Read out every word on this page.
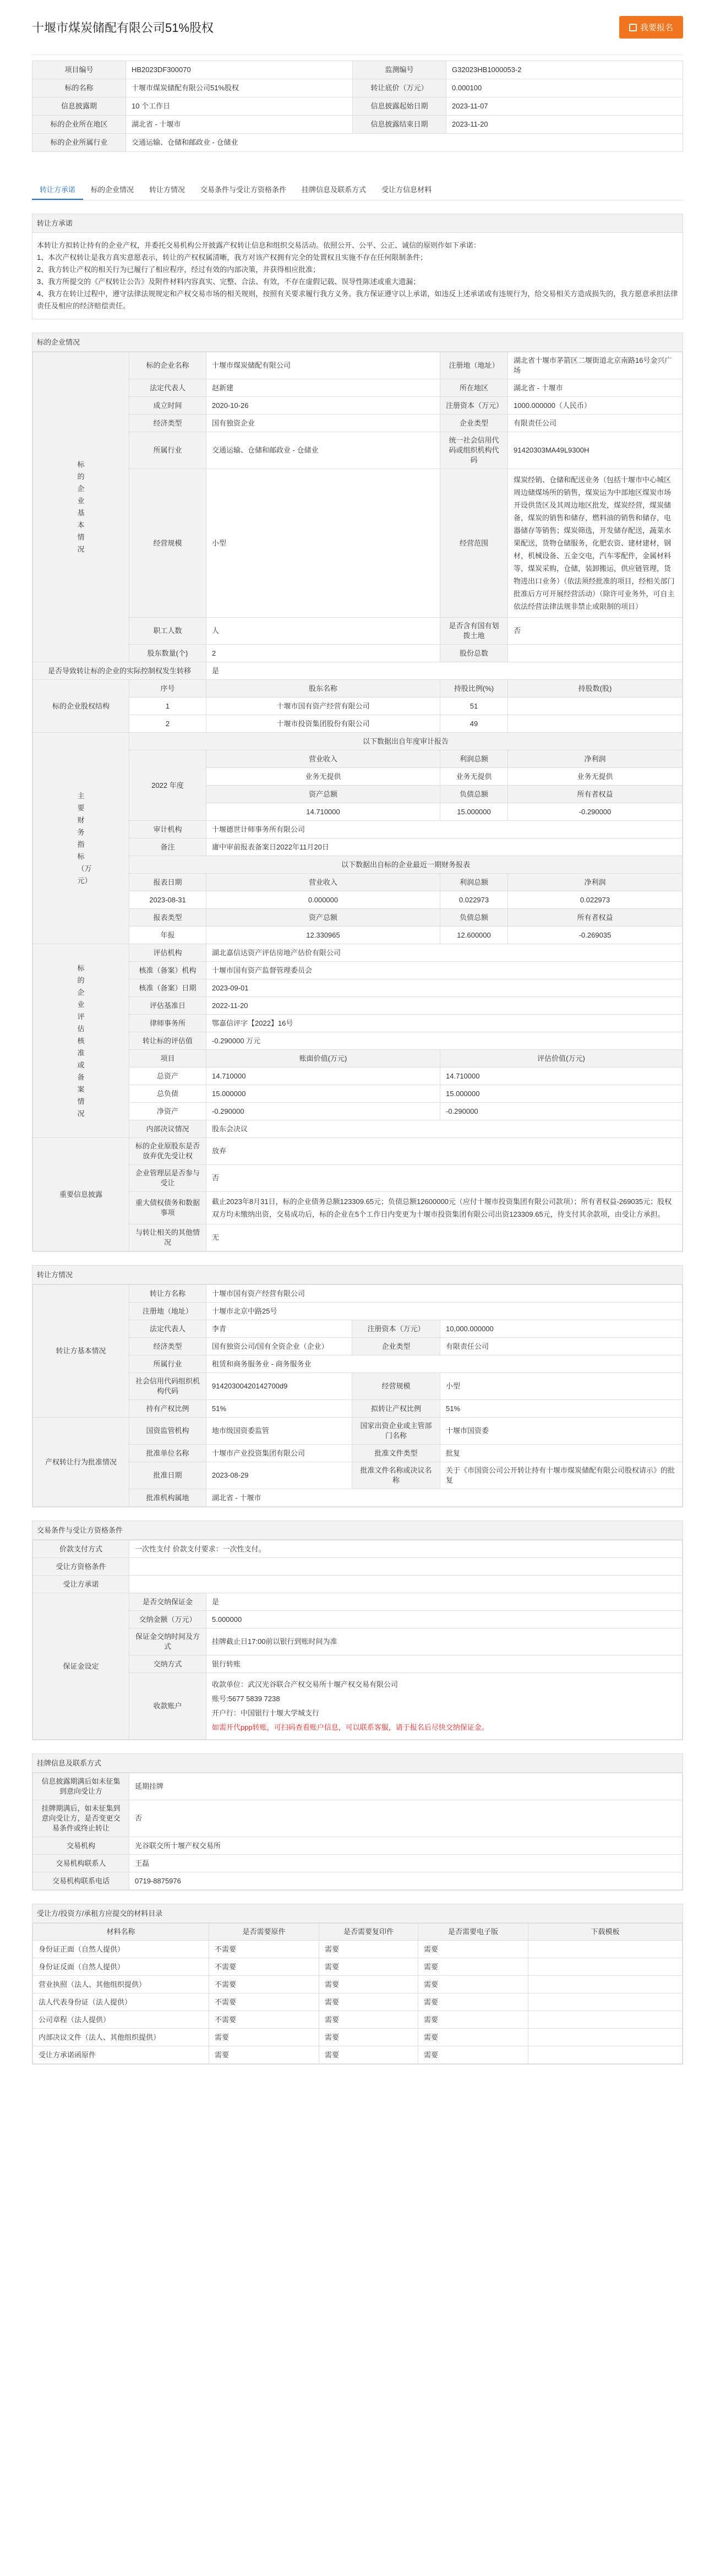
十堰市煤炭储配有限公司51%股权	我要报名
项目编号	HB2023DF300070	监测编号	G32023HB1000053-2
标的名称	十堰市煤炭储配有限公司51%股权	转让底价（万元）	0.000100
信息披露期	10 个工作日	信息披露起始日期	2023-11-07
标的企业所在地区	湖北省 - 十堰市	信息披露结束日期	2023-11-20
标的企业所属行业	交通运输、仓储和邮政业 - 仓储业		
转让方承诺	标的企业情况	转让方情况	交易条件与受让方资格条件	挂牌信息及联系方式	受让方信息材料
转让方承诺
本转让方拟转让持有的企业产权，并委托交易机构公开披露产权转让信息和组织交易活动。依照公开、公平、公正、诚信的原则作如下承诺：
1、本次产权转让是我方真实意愿表示，转让的产权权属清晰，我方对该产权拥有完全的处置权且实施不存在任何限制条件；
2、我方转让产权的相关行为已履行了相应程序，经过有效的内部决策，并获得相应批准；
3、我方所提交的《产权转让公告》及附件材料内容真实、完整、合法、有效，不存在虚假记载、误导性陈述或重大遗漏；
4、我方在转让过程中，遵守法律法规规定和产权交易市场的相关规则，按照有关要求履行我方义务。我方保证遵守以上承诺，如违反上述承诺或有违规行为，给交易相关方造成损失的，我方愿意承担法律责任及相应的经济赔偿责任。
标的企业情况
标的企业基本情况	标的企业名称	十堰市煤炭储配有限公司	注册地（地址）	湖北省十堰市茅箭区二堰街道北京南路16号金兴广场
	法定代表人	赵新建	所在地区	湖北省 - 十堰市
	成立时间	2020-10-26	注册资本（万元）	1000.000000（人民币）
	经济类型	国有独资企业	企业类型	有限责任公司
	所属行业	交通运输、仓储和邮政业 - 仓储业	统一社会信用代码或组织机构代码	91420303MA49L9300H
	经营规模	小型	经营范围	煤炭经销、仓储和配送业务（包括十堰市中心城区周边储煤场所的销售，煤炭运为中部地区煤炭市场开设供货区及其周边地区批发，煤炭经营，煤炭储备，煤炭的销售和储存，燃料油的销售和储存，电器储存等销售；煤炭筛选，开发储存配送，蔬菜水果配送，货物仓储服务，化肥农资、建材建材，钢材，机械设备、五金交电，汽车零配件，金属材料等，煤炭采购，仓储，装卸搬运，供应链管理，货物进出口业务）（依法须经批准的项目，经相关部门批准后方可开展经营活动）（除许可业务外，可自主依法经营法律法规非禁止或限制的项目）
	职工人数	人	是否含有国有划拨土地	否
	股东数量(个)	2	股份总数	
是否导致转让标的企业的实际控制权发生转移		是		
标的企业股权结构	序号	股东名称	持股比例(%)	持股数(股)
	1	十堰市国有资产经营有限公司	51	
	2	十堰市投资集团股份有限公司	49	

主要财务指标（万元）	以下数据出自年度审计报告			
	2022 年度	营业收入	利润总额	净利润
		业务无提供	业务无提供	业务无提供
		资产总额	负债总额	所有者权益
		14.710000	15.000000	-0.290000
	审计机构	十堰德世计师事务所有限公司		
	备注	庸中审前报表备案日2022年11月20日		
	以下数据出自标的企业最近一期财务报表			
	报表日期	营业收入	利润总额	净利润
	2023-08-31	0.000000	0.022973	0.022973
	报表类型	资产总额	负债总额	所有者权益
	年报	12.330965	12.600000	-0.269035

标的企业评估核准或备案情况	评估机构	湖北嘉信达资产评估房地产估价有限公司		
	核准（备案）机构	十堰市国有资产监督管理委员会		
	核准（备案）日期	2023-09-01		
	评估基准日	2022-11-20		
	律师事务所	鄂嘉信评字【2022】16号		
	转让标的评估值	-0.290000 万元		
	项目	账面价值(万元)	评估价值(万元)	
	总资产	14.710000	14.710000	
	总负债	15.000000	15.000000	
	净资产	-0.290000	-0.290000	
	内部决议情况	股东会决议		
重要信息披露	标的企业原股东是否放弃优先受让权	放弃		
	企业管理层是否参与受让	否		
	重大债权债务和数据事项	截止2023年8月31日，标的企业债务总额123309.65元；负债总额12600000元（应付十堰市投资集团有限公司款项）；所有者权益-269035元；股权双方均未缴纳出资，交易成功后，标的企业在5个工作日内变更为十堰市投资集团有限公司出资123309.65元，待支付其余款项，由受让方承担。		
	与转让相关的其他情况	无		
转让方情况
转让方基本情况	转让方名称	十堰市国有资产经营有限公司		
	注册地（地址）	十堰市北京中路25号		
	法定代表人	李青	注册资本（万元）	10,000.000000
	经济类型	国有独资公司/国有全资企业（企业）	企业类型	有限责任公司
	所属行业	租赁和商务服务业 - 商务服务业		
	社会信用代码组织机构代码	91420300420142700d9	经营规模	小型
	持有产权比例	51%	拟转让产权比例	51%
产权转让行为批准情况	国资监管机构	地市级国资委监管	国家出资企业或主管部门名称	十堰市国资委
	批准单位名称	十堰市产业投资集团有限公司	批准文件类型	批复
	批准日期	2023-08-29	批准文件名称或决议名称	关于《市国资公司公开转让持有十堰市煤炭储配有限公司股权请示》的批复
	批准机构属地	湖北省 - 十堰市		
交易条件与受让方资格条件
价款支付方式	一次性支付 价款支付要求：一次性支付。	
受让方资格条件		
受让方承诺		
保证金设定	是否交纳保证金	是
	交纳金额（万元）	5.000000
	保证金交纳时间及方式	挂牌截止日17:00前以银行到账时间为准
	交纳方式	银行转账
	收款账户	收款单位：武汉光谷联合产权交易所十堰产权交易有限公司
账号:5677 5839 7238
开户行：中国银行十堰大学城支行
如需开代ppp转账，可扫码查看账户信息，可以联系客服，请于报名后尽快交纳保证金。
挂牌信息及联系方式
信息披露期满后如未征集到意向受让方	延期挂牌
挂牌期满后，如未征集到意向受让方，是否变更交易条件或终止转让	否
交易机构	光谷联交所十堰产权交易所
交易机构联系人	王磊
交易机构联系电话	0719-8875976
受让方/投资方/承租方应提交的材料目录
材料名称	是否需要原件	是否需要复印件	是否需要电子版	下载模板
身份证正面（自然人提供）	不需要	需要	需要	
身份证反面（自然人提供）	不需要	需要	需要	
营业执照（法人、其他组织提供）	不需要	需要	需要	
法人代表身份证（法人提供）	不需要	需要	需要	
公司章程（法人提供）	不需要	需要	需要	
内部决议文件（法人、其他组织提供）	需要	需要	需要	
受让方承诺函原件	需要	需要	需要	
